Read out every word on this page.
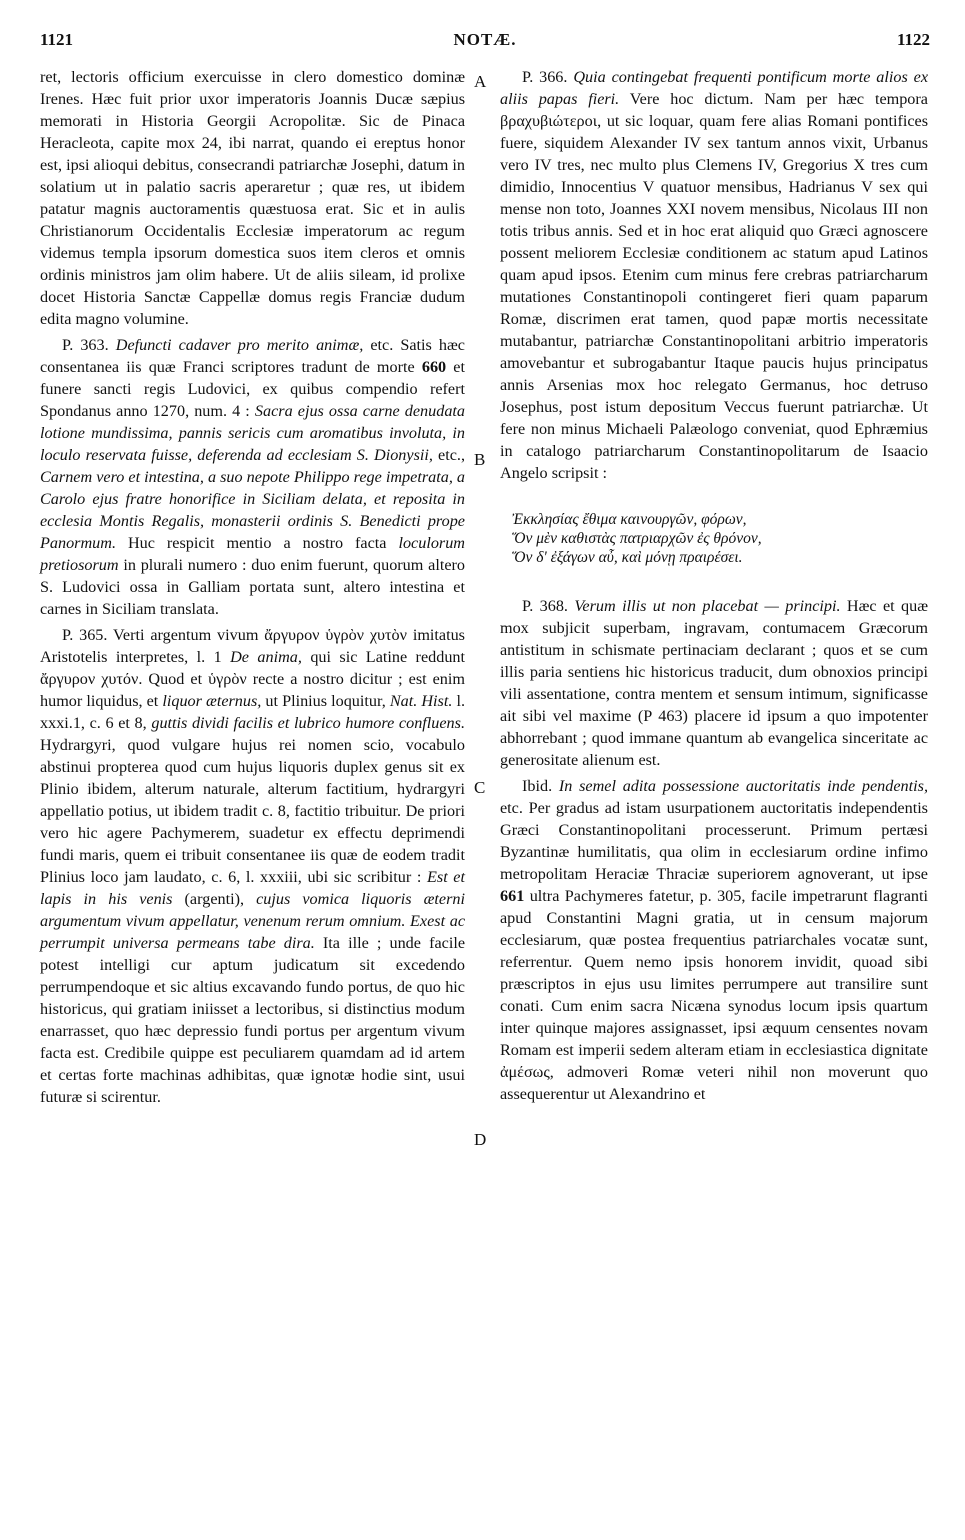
1121	NOTÆ.	1122
A
B
C
D

ret, lectoris officium exercuisse in clero domestico dominæ Irenes. Hæc fuit prior uxor imperatoris Joannis Ducæ sæpius memorati in Historia Georgii Acropolitæ. Sic de Pinaca Heracleota, capite mox 24, ibi narrat, quando ei ereptus honor est, ipsi alioqui debitus, consecrandi patriarchæ Josephi, datum in solatium ut in palatio sacris aperaretur ; quæ res, ut ibidem patatur magnis auctoramentis quæstuosa erat. Sic et in aulis Christianorum Occidentalis Ecclesiæ imperatorum ac regum videmus templa ipsorum domestica suos item cleros et omnis ordinis ministros jam olim habere. Ut de aliis sileam, id prolixe docet Historia Sanctæ Cappellæ domus regis Franciæ dudum edita magno volumine.

P. 363. Defuncti cadaver pro merito animæ, etc. Satis hæc consentanea iis quæ Franci scriptores tradunt de morte 660 et funere sancti regis Ludovici, ex quibus compendio refert Spondanus anno 1270, num. 4 : Sacra ejus ossa carne denudata lotione mundissima, pannis sericis cum aromatibus involuta, in loculo reservata fuisse, deferenda ad ecclesiam S. Dionysii, etc., Carnem vero et intestina, a suo nepote Philippo rege impetrata, a Carolo ejus fratre honorifice in Siciliam delata, et reposita in ecclesia Montis Regalis, monasterii ordinis S. Benedicti prope Panormum. Huc respicit mentio a nostro facta loculorum pretiosorum in plurali numero : duo enim fuerunt, quorum altero S. Ludovici ossa in Galliam portata sunt, altero intestina et carnes in Siciliam translata.

P. 365. Verti argentum vivum ἄργυρον ὑγρὸν χυτὸν imitatus Aristotelis interpretes, l. 1 De anima, qui sic Latine reddunt ἄργυρον χυτόν. Quod et ὑγρὸν recte a nostro dicitur ; est enim humor liquidus, et liquor æternus, ut Plinius loquitur, Nat. Hist. l. xxxi.1, c. 6 et 8, guttis dividi facilis et lubrico humore confluens. Hydrargyri, quod vulgare hujus rei nomen scio, vocabulo abstinui propterea quod cum hujus liquoris duplex genus sit ex Plinio ibidem, alterum naturale, alterum factitium, hydrargyri appellatio potius, ut ibidem tradit c. 8, factitio tribuitur. De priori vero hic agere Pachymerem, suadetur ex effectu deprimendi fundi maris, quem ei tribuit consentanee iis quæ de eodem tradit Plinius loco jam laudato, c. 6, l. xxxiii, ubi sic scribitur : Est et lapis in his venis (argenti), cujus vomica liquoris æterni argumentum vivum appellatur, venenum rerum omnium. Exest ac perrumpit universa permeans tabe dira. Ita ille ; unde facile potest intelligi cur aptum judicatum sit excedendo perrumpendoque et sic altius excavando fundo portus, de quo hic historicus, qui gratiam iniisset a lectoribus, si distinctius modum enarrasset, quo hæc depressio fundi portus per argentum vivum facta est. Credibile quippe est peculiarem quamdam ad id artem et certas forte machinas adhibitas, quæ ignotæ hodie sint, usui futuræ si scirentur.

P. 366. Quia contingebat frequenti pontificum morte alios ex aliis papas fieri. Vere hoc dictum. Nam per hæc tempora βραχυβιώτεροι, ut sic loquar, quam fere alias Romani pontifices fuere, siquidem Alexander IV sex tantum annos vixit, Urbanus vero IV tres, nec multo plus Clemens IV, Gregorius X tres cum dimidio, Innocentius V quatuor mensibus, Hadrianus V sex qui mense non toto, Joannes XXI novem mensibus, Nicolaus III non totis tribus annis. Sed et in hoc erat aliquid quo Græci agnoscere possent meliorem Ecclesiæ conditionem ac statum apud Latinos quam apud ipsos. Etenim cum minus fere crebras patriarcharum mutationes Constantinopoli contingeret fieri quam paparum Romæ, discrimen erat tamen, quod papæ mortis necessitate mutabantur, patriarchæ Constantinopolitani arbitrio imperatoris amovebantur et subrogabantur Itaque paucis hujus principatus annis Arsenias mox hoc relegato Germanus, hoc detruso Josephus, post istum depositum Veccus fuerunt patriarchæ. Ut fere non minus Michaeli Palæologo conveniat, quod Ephræmius in catalogo patriarcharum Constantinopolitarum de Isaacio Angelo scripsit :

Ἐκκλησίας ἔθιμα καινουργῶν, φόρων,
Ὅν μὲν καθιστὰς πατριαρχῶν ἐς θρόνον,
Ὅν δ' ἐξάγων αὖ, καὶ μόνῃ πραιρέσει.

P. 368. Verum illis ut non placebat — principi. Hæc et quæ mox subjicit superbam, ingravam, contumacem Græcorum antistitum in schismate pertinaciam declarant ; quos et se cum illis paria sentiens hic historicus traducit, dum obnoxios principi vili assentatione, contra mentem et sensum intimum, significasse ait sibi vel maxime (P 463) placere id ipsum a quo impotenter abhorrebant ; quod immane quantum ab evangelica sinceritate ac generositate alienum est.

Ibid. In semel adita possessione auctoritatis inde pendentis, etc. Per gradus ad istam usurpationem auctoritatis independentis Græci Constantinopolitani processerunt. Primum pertæsi Byzantinæ humilitatis, qua olim in ecclesiarum ordine infimo metropolitam Heraciæ Thraciæ superiorem agnoverant, ut ipse 661 ultra Pachymeres fatetur, p. 305, facile impetrarunt flagranti apud Constantini Magni gratia, ut in censum majorum ecclesiarum, quæ postea frequentius patriarchales vocatæ sunt, referrentur. Quem nemo ipsis honorem invidit, quoad sibi præscriptos in ejus usu limites perrumpere aut transilire sunt conati. Cum enim sacra Nicæna synodus locum ipsis quartum inter quinque majores assignasset, ipsi æquum censentes novam Romam est imperii sedem alteram etiam in ecclesiastica dignitate ἀμέσως, admoveri Romæ veteri nihil non moverunt quo assequerentur ut Alexandrino et
